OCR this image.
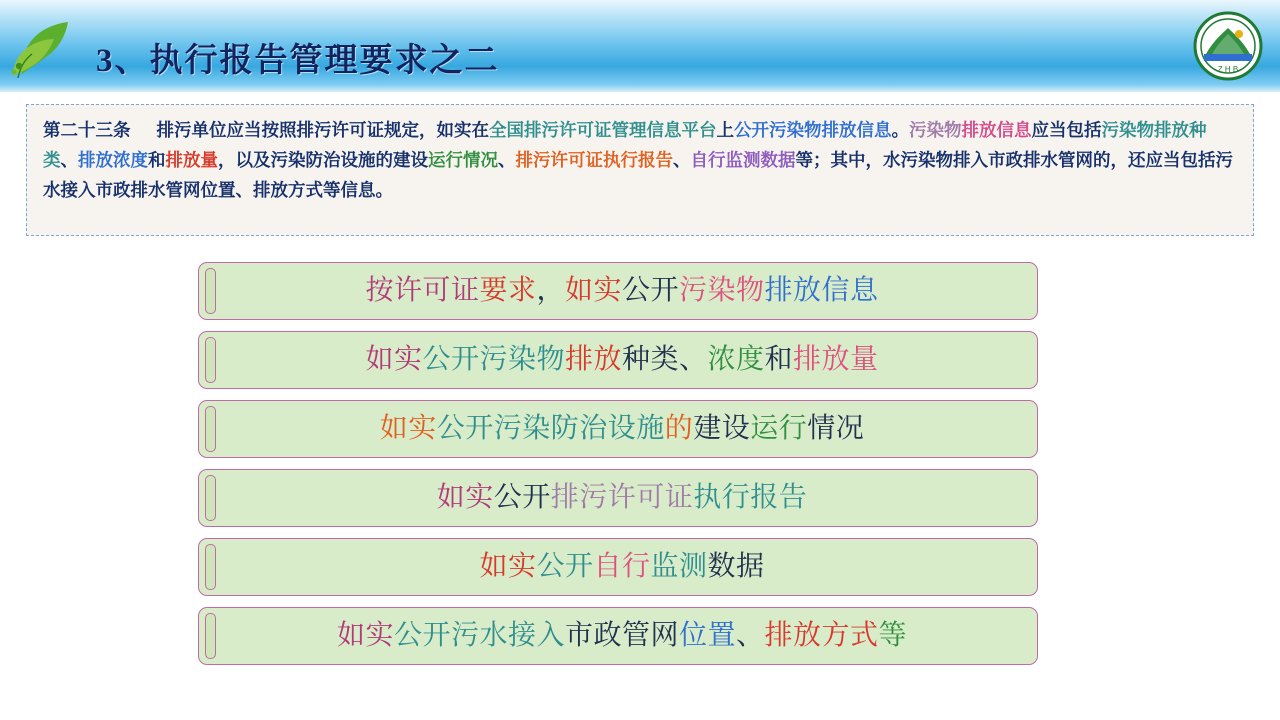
3、执行报告管理要求之二	Z H B
第二十三条 排污单位应当按照排污许可证规定，如实在全国排污许可证管理信息平台上公开污染物排放信息。污染物排放信息应当包括污染物排放种类、排放浓度和排放量，以及污染防治设施的建设运行情况、排污许可证执行报告、自行监测数据等；其中，水污染物排入市政排水管网的，还应当包括污水接入市政排水管网位置、排放方式等信息。
按许可证要求，如实公开污染物排放信息
如实公开污染物排放种类、浓度和排放量
如实公开污染防治设施的建设运行情况
如实公开排污许可证执行报告
如实公开自行监测数据
如实公开污水接入市政管网位置、排放方式等
